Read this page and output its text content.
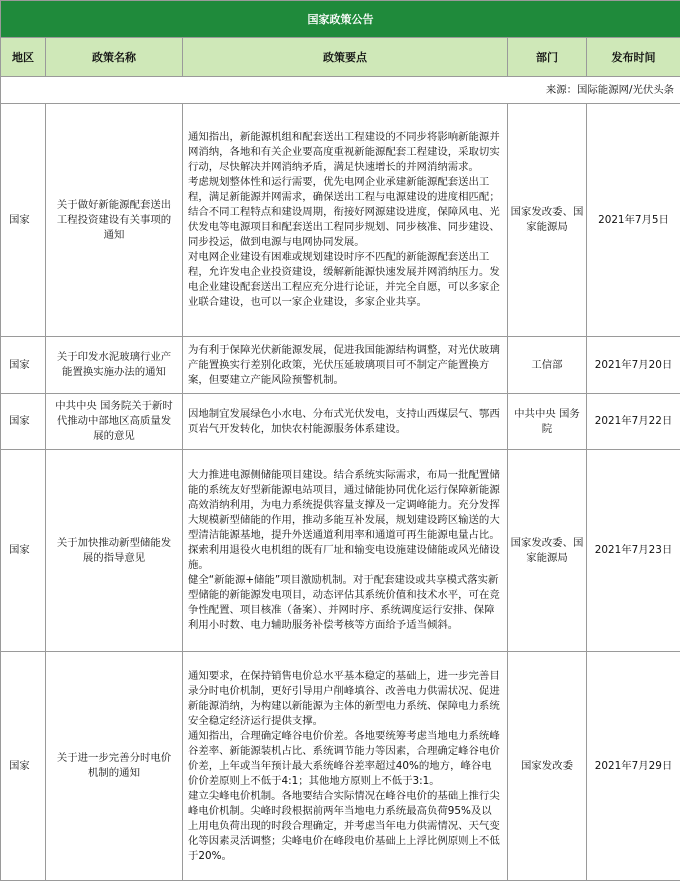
国家政策公告				
地区	政策名称	政策要点	部门	发布时间
来源：国际能源网/光伏头条				
国家	关于做好新能源配套送出工程投资建设有关事项的通知	通知指出，新能源机组和配套送出工程建设的不同步将影响新能源并网消纳，各地和有关企业要高度重视新能源配套工程建设，采取切实行动，尽快解决并网消纳矛盾，满足快速增长的并网消纳需求。
考虑规划整体性和运行需要，优先电网企业承建新能源配套送出工程，满足新能源并网需求，确保送出工程与电源建设的进度相匹配；结合不同工程特点和建设周期，衔接好网源建设进度，保障风电、光伏发电等电源项目和配套送出工程同步规划、同步核准、同步建设、同步投运，做到电源与电网协同发展。
对电网企业建设有困难或规划建设时序不匹配的新能源配套送出工程，允许发电企业投资建设，缓解新能源快速发展并网消纳压力。发电企业建设配套送出工程应充分进行论证，并完全自愿，可以多家企业联合建设，也可以一家企业建设，多家企业共享。	国家发改委、国家能源局	2021年7月5日
国家	关于印发水泥玻璃行业产能置换实施办法的通知	为有利于保障光伏新能源发展，促进我国能源结构调整，对光伏玻璃产能置换实行差别化政策，光伏压延玻璃项目可不制定产能置换方案，但要建立产能风险预警机制。	工信部	2021年7月20日
国家	中共中央 国务院关于新时代推动中部地区高质量发展的意见	因地制宜发展绿色小水电、分布式光伏发电，支持山西煤层气、鄂西页岩气开发转化，加快农村能源服务体系建设。	中共中央 国务院	2021年7月22日
国家	关于加快推动新型储能发展的指导意见	大力推进电源侧储能项目建设。结合系统实际需求，布局一批配置储能的系统友好型新能源电站项目，通过储能协同优化运行保障新能源高效消纳利用，为电力系统提供容量支撑及一定调峰能力。充分发挥大规模新型储能的作用，推动多能互补发展，规划建设跨区输送的大型清洁能源基地，提升外送通道利用率和通道可再生能源电量占比。探索利用退役火电机组的既有厂址和输变电设施建设储能或风光储设施。
健全“新能源+储能”项目激励机制。对于配套建设或共享模式落实新型储能的新能源发电项目，动态评估其系统价值和技术水平，可在竞争性配置、项目核准（备案）、并网时序、系统调度运行安排、保障利用小时数、电力辅助服务补偿考核等方面给予适当倾斜。	国家发改委、国家能源局	2021年7月23日
国家	关于进一步完善分时电价机制的通知	通知要求，在保持销售电价总水平基本稳定的基础上，进一步完善目录分时电价机制，更好引导用户削峰填谷、改善电力供需状况、促进新能源消纳，为构建以新能源为主体的新型电力系统、保障电力系统安全稳定经济运行提供支撑。
通知指出，合理确定峰谷电价价差。各地要统筹考虑当地电力系统峰谷差率、新能源装机占比、系统调节能力等因素，合理确定峰谷电价价差，上年或当年预计最大系统峰谷差率超过40%的地方，峰谷电价价差原则上不低于4:1；其他地方原则上不低于3:1。
建立尖峰电价机制。各地要结合实际情况在峰谷电价的基础上推行尖峰电价机制。尖峰时段根据前两年当地电力系统最高负荷95%及以上用电负荷出现的时段合理确定，并考虑当年电力供需情况、天气变化等因素灵活调整；尖峰电价在峰段电价基础上上浮比例原则上不低于20%。	国家发改委	2021年7月29日
